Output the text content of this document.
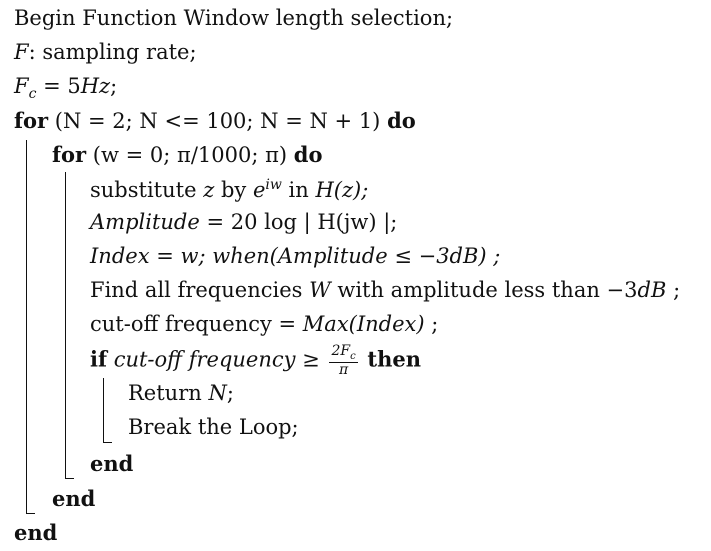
Begin Function Window length selection;
F: sampling rate;
$F_c = 5Hz$;
for (N = 2; N <= 100; N = N + 1) do
for (w = 0; π/1000; π) do
substitute z by $e^{iw}$ in H(z);
Amplitude = 20 log | H(jw) |;
Index = w; when(Amplitude ≤ −3dB) ;
Find all frequencies W with amplitude less than −3dB ;
cut-off frequency = Max(Index) ;
if cut-off frequency ≥ $\frac{2F_c}{\pi}$ then
Return N;
Break the Loop;
end
end
end
